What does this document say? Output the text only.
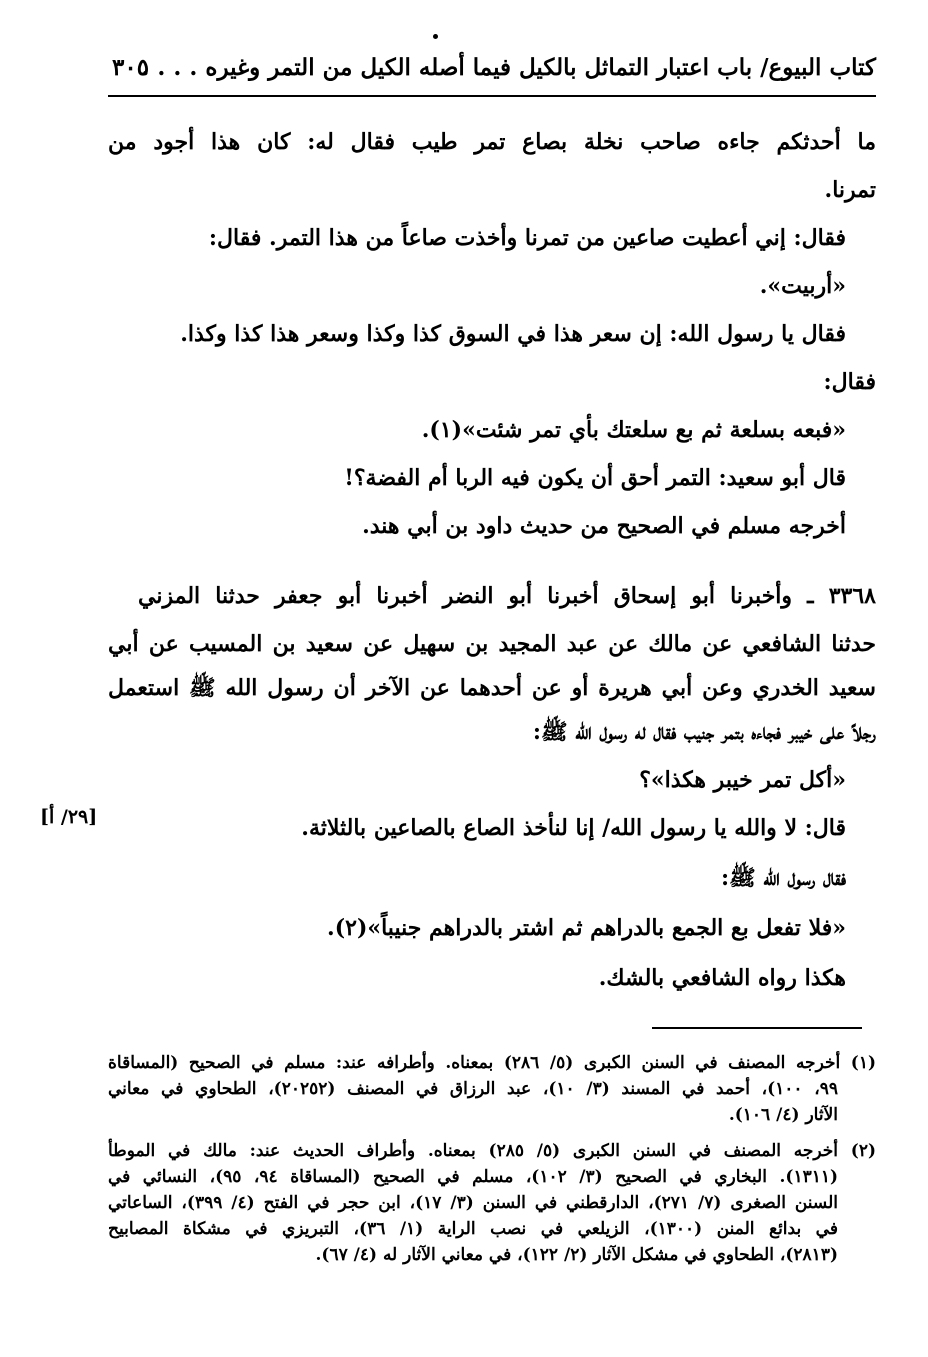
كتاب البيوع/ باب اعتبار التماثل بالكيل فيما أصله الكيل من التمر وغيره . . . .
٣٠٥
ما أحدثكم جاءه صاحب نخلة بصاع تمر طيب فقال له: كان هذا أجود من
تمرنا.
فقال: إني أعطيت صاعين من تمرنا وأخذت صاعاً من هذا التمر. فقال:
«أربيت».
فقال يا رسول الله: إن سعر هذا في السوق كذا وكذا وسعر هذا كذا وكذا.
فقال:
«فبعه بسلعة ثم بع سلعتك بأي تمر شئت»(١).
قال أبو سعيد: التمر أحق أن يكون فيه الربا أم الفضة؟!
أخرجه مسلم في الصحيح من حديث داود بن أبي هند.
٣٣٦٨ ـ وأخبرنا أبو إسحاق أخبرنا أبو النضر أخبرنا أبو جعفر حدثنا المزني
حدثنا الشافعي عن مالك عن عبد المجيد بن سهيل عن سعيد بن المسيب عن أبي
سعيد الخدري وعن أبي هريرة أو عن أحدهما عن الآخر أن رسول الله ﷺ استعمل
رجلاً على خيبر فجاءه بتمر جنيب فقال له رسول الله ﷺ:
«أكل تمر خيبر هكذا»؟
قال: لا والله يا رسول الله/ إنا لنأخذ الصاع بالصاعين بالثلاثة.
فقال رسول الله ﷺ:
«فلا تفعل بع الجمع بالدراهم ثم اشتر بالدراهم جنيباً»(٢).
هكذا رواه الشافعي بالشك.
[٢٩/ أ]
(١) أخرجه المصنف في السنن الكبرى (٥/ ٢٨٦) بمعناه. وأطرافه عند: مسلم في الصحيح (المساقاة
٩٩، ١٠٠)، أحمد في المسند (٣/ ١٠)، عبد الرزاق في المصنف (٢٠٢٥٢)، الطحاوي في معاني
الآثار (٤/ ١٠٦).
(٢) أخرجه المصنف في السنن الكبرى (٥/ ٢٨٥) بمعناه. وأطراف الحديث عند: مالك في الموطأ
(١٣١١). البخاري في الصحيح (٣/ ١٠٢)، مسلم في الصحيح (المساقاة ٩٤، ٩٥)، النسائي في
السنن الصغرى (٧/ ٢٧١)، الدارقطني في السنن (٣/ ١٧)، ابن حجر في الفتح (٤/ ٣٩٩)، الساعاتي
في بدائع المنن (١٣٠٠)، الزيلعي في نصب الراية (١/ ٣٦)، التبريزي في مشكاة المصابيح
(٢٨١٣)، الطحاوي في مشكل الآثار (٢/ ١٢٢)، في معاني الآثار له (٤/ ٦٧).
